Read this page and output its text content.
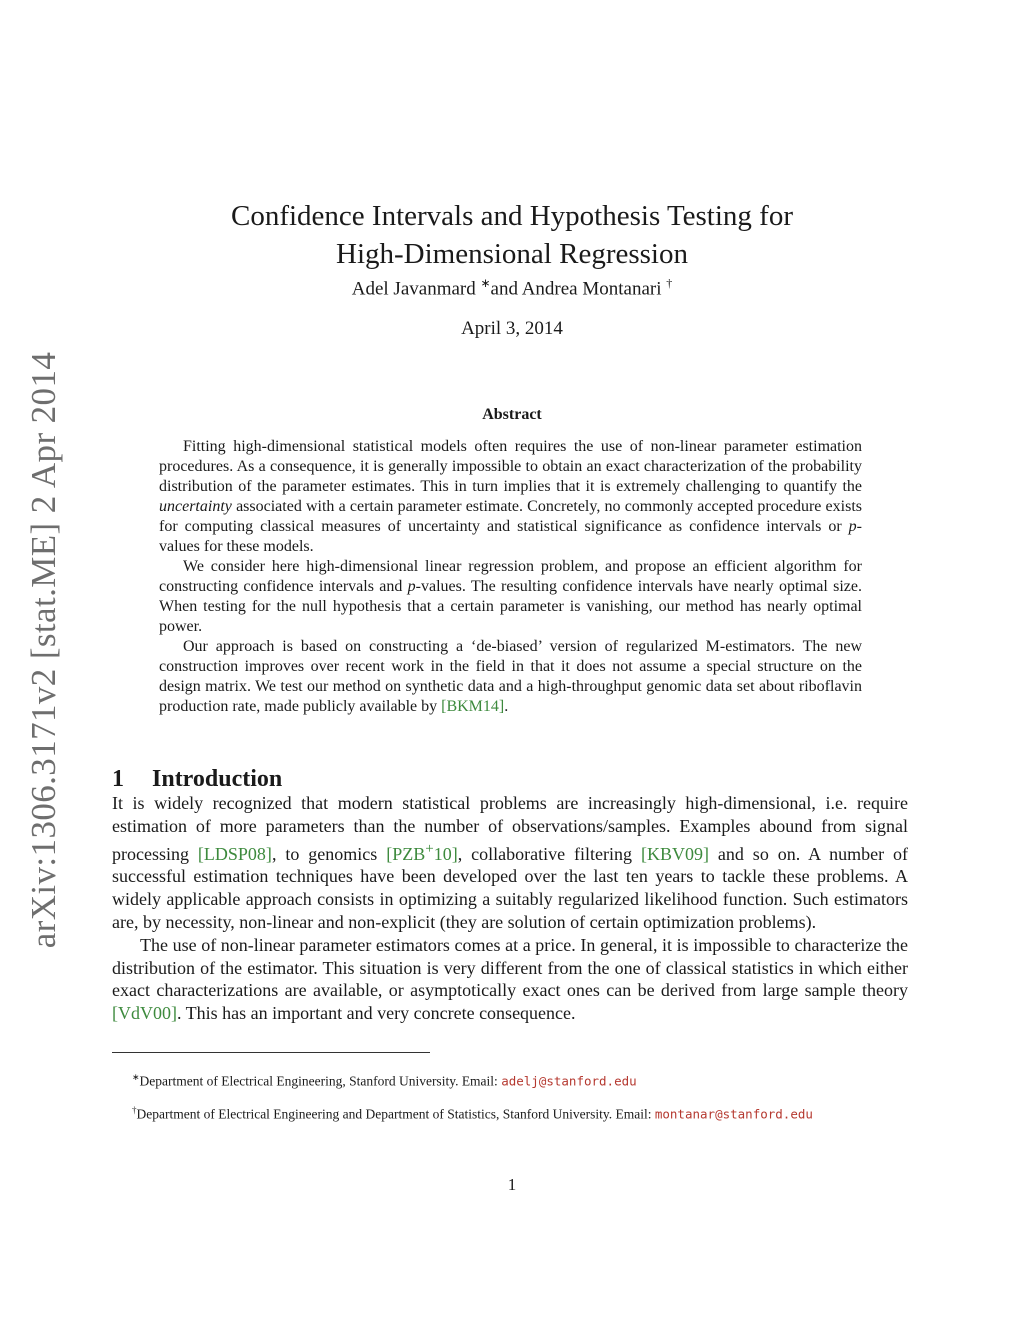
arXiv:1306.3171v2 [stat.ME] 2 Apr 2014
Confidence Intervals and Hypothesis Testing for
High-Dimensional Regression
Adel Javanmard ∗and Andrea Montanari †
April 3, 2014
Abstract

Fitting high-dimensional statistical models often requires the use of non-linear parameter estimation procedures. As a consequence, it is generally impossible to obtain an exact characterization of the probability distribution of the parameter estimates. This in turn implies that it is extremely challenging to quantify the uncertainty associated with a certain parameter estimate. Concretely, no commonly accepted procedure exists for computing classical measures of uncertainty and statistical significance as confidence intervals or p-values for these models.

We consider here high-dimensional linear regression problem, and propose an efficient algorithm for constructing confidence intervals and p-values. The resulting confidence intervals have nearly optimal size. When testing for the null hypothesis that a certain parameter is vanishing, our method has nearly optimal power.

Our approach is based on constructing a ‘de-biased’ version of regularized M-estimators. The new construction improves over recent work in the field in that it does not assume a special structure on the design matrix. We test our method on synthetic data and a high-throughput genomic data set about riboflavin production rate, made publicly available by [BKM14].

1 Introduction

It is widely recognized that modern statistical problems are increasingly high-dimensional, i.e. require estimation of more parameters than the number of observations/samples. Examples abound from signal processing [LDSP08], to genomics [PZB+10], collaborative filtering [KBV09] and so on. A number of successful estimation techniques have been developed over the last ten years to tackle these problems. A widely applicable approach consists in optimizing a suitably regularized likelihood function. Such estimators are, by necessity, non-linear and non-explicit (they are solution of certain optimization problems).

The use of non-linear parameter estimators comes at a price. In general, it is impossible to characterize the distribution of the estimator. This situation is very different from the one of classical statistics in which either exact characterizations are available, or asymptotically exact ones can be derived from large sample theory [VdV00]. This has an important and very concrete consequence.

∗Department of Electrical Engineering, Stanford University. Email: adelj@stanford.edu

†Department of Electrical Engineering and Department of Statistics, Stanford University. Email: montanar@stanford.edu

1
